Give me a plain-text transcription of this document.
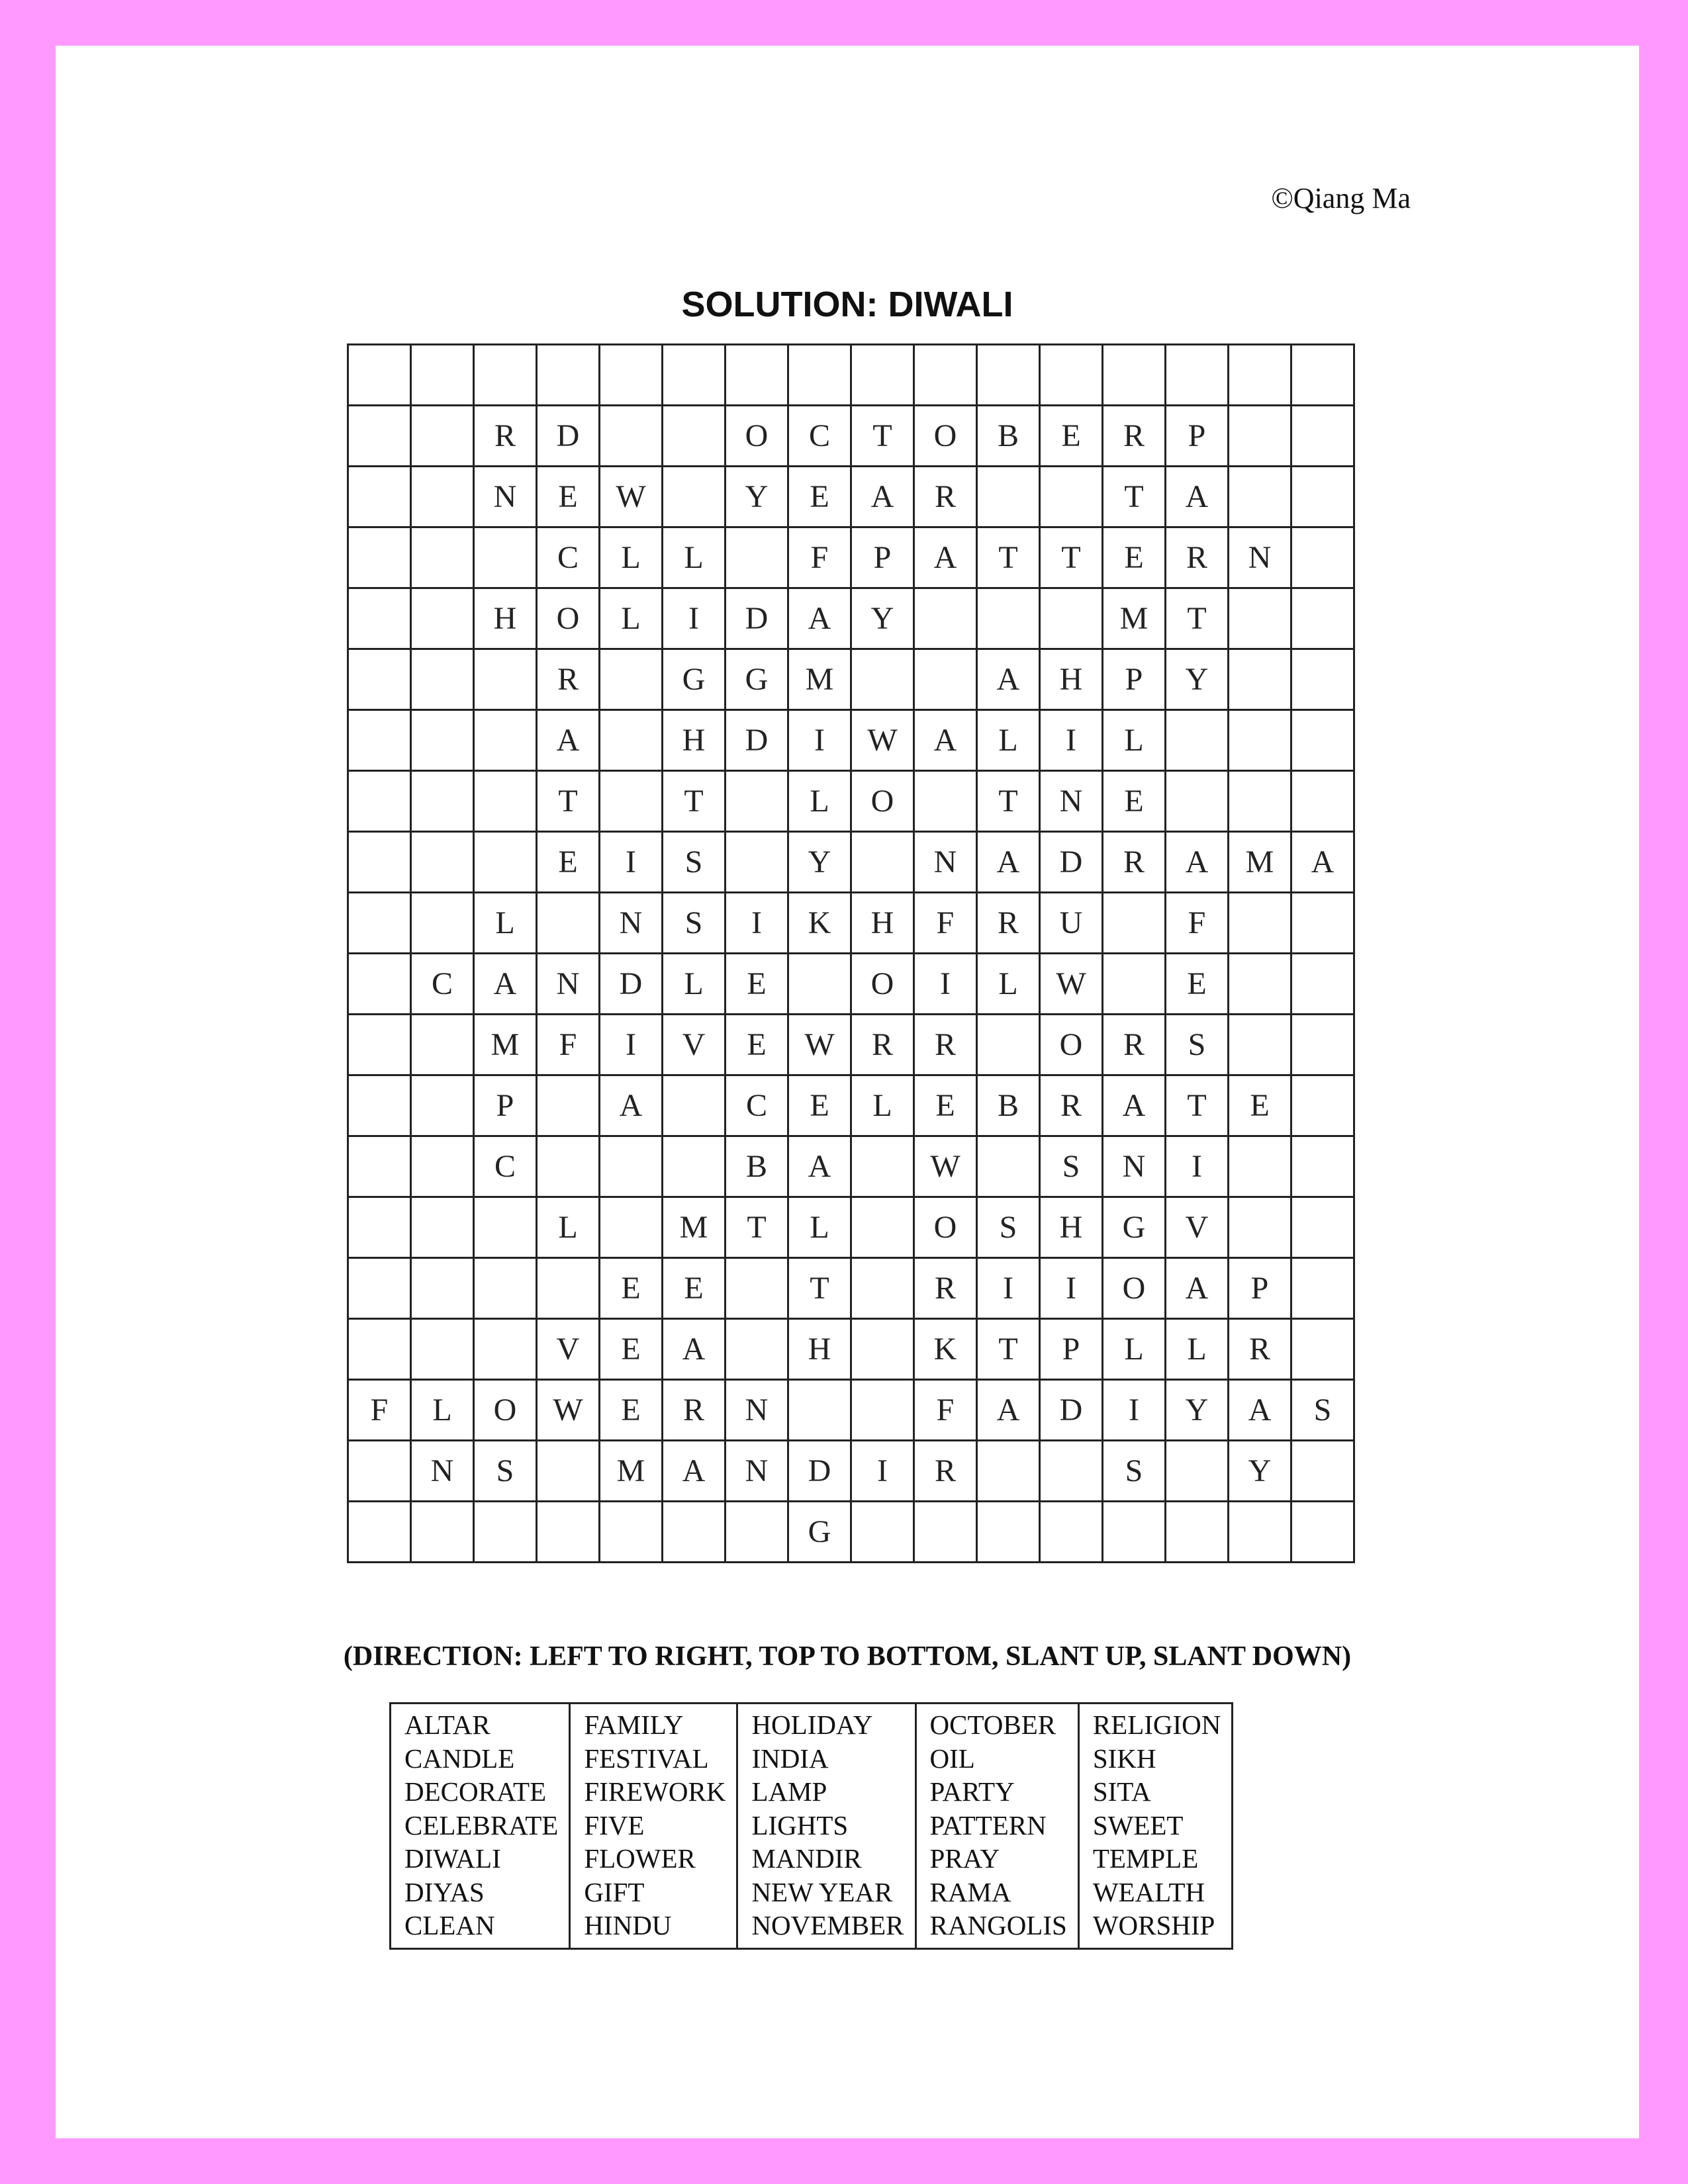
©Qiang Ma
SOLUTION: DIWALI

		R	D			O	C	T	O	B	E	R	P		
		N	E	W		Y	E	A	R			T	A		
			C	L	L		F	P	A	T	T	E	R	N	
		H	O	L	I	D	A	Y				M	T		
			R		G	G	M			A	H	P	Y		
			A		H	D	I	W	A	L	I	L			
			T		T		L	O		T	N	E			
			E	I	S		Y		N	A	D	R	A	M	A
		L		N	S	I	K	H	F	R	U		F		
	C	A	N	D	L	E		O	I	L	W		E		
		M	F	I	V	E	W	R	R		O	R	S		
		P		A		C	E	L	E	B	R	A	T	E	
		C				B	A		W		S	N	I		
			L		M	T	L		O	S	H	G	V		
				E	E		T		R	I	I	O	A	P	
			V	E	A		H		K	T	P	L	L	R	
F	L	O	W	E	R	N			F	A	D	I	Y	A	S
	N	S		M	A	N	D	I	R			S		Y	
							G								
(DIRECTION: LEFT TO RIGHT, TOP TO BOTTOM, SLANT UP, SLANT DOWN)
ALTAR
CANDLE
DECORATE
CELEBRATE
DIWALI
DIYAS
CLEAN

FAMILY
FESTIVAL
FIREWORK
FIVE
FLOWER
GIFT
HINDU

HOLIDAY
INDIA
LAMP
LIGHTS
MANDIR
NEW YEAR
NOVEMBER

OCTOBER
OIL
PARTY
PATTERN
PRAY
RAMA
RANGOLIS

RELIGION
SIKH
SITA
SWEET
TEMPLE
WEALTH
WORSHIP
